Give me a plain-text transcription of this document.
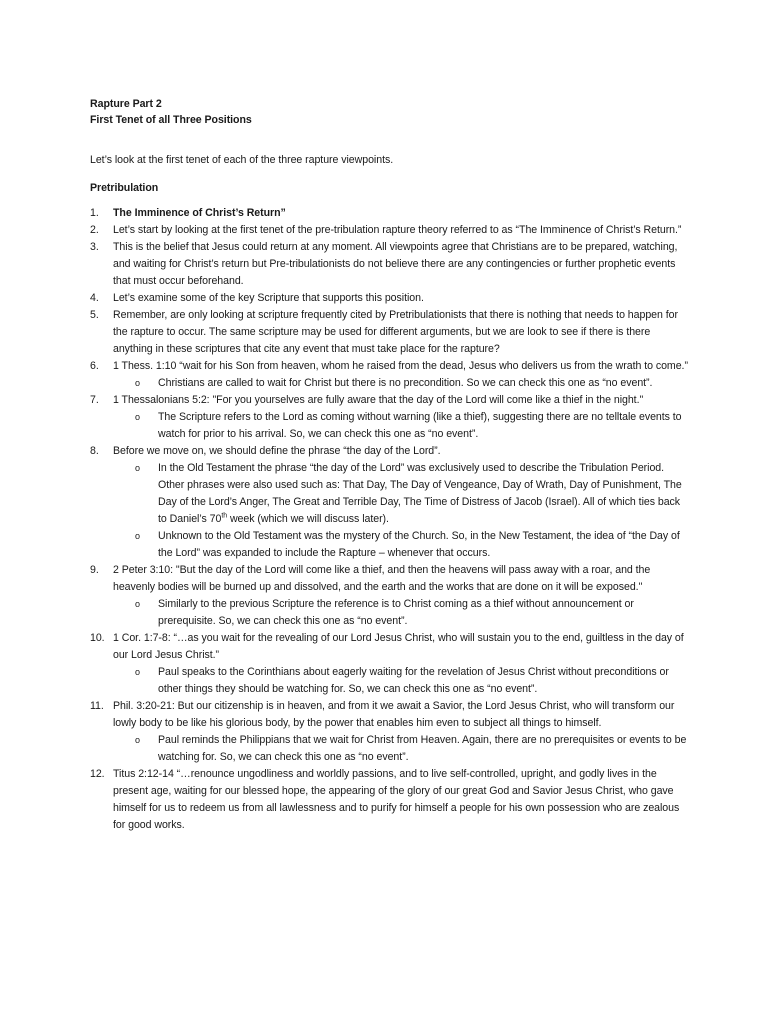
Rapture Part 2
First Tenet of all Three Positions
Let’s look at the first tenet of each of the three rapture viewpoints.
Pretribulation
1.	The Imminence of Christ’s Return”
2.	Let’s start by looking at the first tenet of the pre-tribulation rapture theory referred to as “The Imminence of Christ’s Return.”
3.	This is the belief that Jesus could return at any moment. All viewpoints agree that Christians are to be prepared, watching, and waiting for Christ’s return but Pre-tribulationists do not believe there are any contingencies or further prophetic events that must occur beforehand.
4.	Let’s examine some of the key Scripture that supports this position.
5.	Remember, are only looking at scripture frequently cited by Pretribulationists that there is nothing that needs to happen for the rapture to occur. The same scripture may be used for different arguments, but we are look to see if there is there anything in these scriptures that cite any event that must take place for the rapture?
6.	1 Thess. 1:10 “wait for his Son from heaven, whom he raised from the dead, Jesus who delivers us from the wrath to come.”
o Christians are called to wait for Christ but there is no precondition. So we can check this one as “no event”.
7.	1 Thessalonians 5:2: "For you yourselves are fully aware that the day of the Lord will come like a thief in the night."
o The Scripture refers to the Lord as coming without warning (like a thief), suggesting there are no telltale events to watch for prior to his arrival. So, we can check this one as “no event”.
8.	Before we move on, we should define the phrase “the day of the Lord”.
o In the Old Testament the phrase “the day of the Lord” was exclusively used to describe the Tribulation Period. Other phrases were also used such as: That Day, The Day of Vengeance, Day of Wrath, Day of Punishment, The Day of the Lord’s Anger, The Great and Terrible Day, The Time of Distress of Jacob (Israel). All of which ties back to Daniel’s 70th week (which we will discuss later).
o Unknown to the Old Testament was the mystery of the Church. So, in the New Testament, the idea of “the Day of the Lord” was expanded to include the Rapture – whenever that occurs.
9.	2 Peter 3:10: "But the day of the Lord will come like a thief, and then the heavens will pass away with a roar, and the heavenly bodies will be burned up and dissolved, and the earth and the works that are done on it will be exposed."
o Similarly to the previous Scripture the reference is to Christ coming as a thief without announcement or prerequisite. So, we can check this one as “no event”.
10. 1 Cor. 1:7-8: “…as you wait for the revealing of our Lord Jesus Christ, who will sustain you to the end, guiltless in the day of our Lord Jesus Christ.”
o Paul speaks to the Corinthians about eagerly waiting for the revelation of Jesus Christ without preconditions or other things they should be watching for. So, we can check this one as “no event”.
11. Phil. 3:20-21: But our citizenship is in heaven, and from it we await a Savior, the Lord Jesus Christ, who will transform our lowly body to be like his glorious body, by the power that enables him even to subject all things to himself.
o Paul reminds the Philippians that we wait for Christ from Heaven. Again, there are no prerequisites or events to be watching for. So, we can check this one as “no event”.
12. Titus 2:12-14 “…renounce ungodliness and worldly passions, and to live self-controlled, upright, and godly lives in the present age, waiting for our blessed hope, the appearing of the glory of our great God and Savior Jesus Christ, who gave himself for us to redeem us from all lawlessness and to purify for himself a people for his own possession who are zealous for good works.
